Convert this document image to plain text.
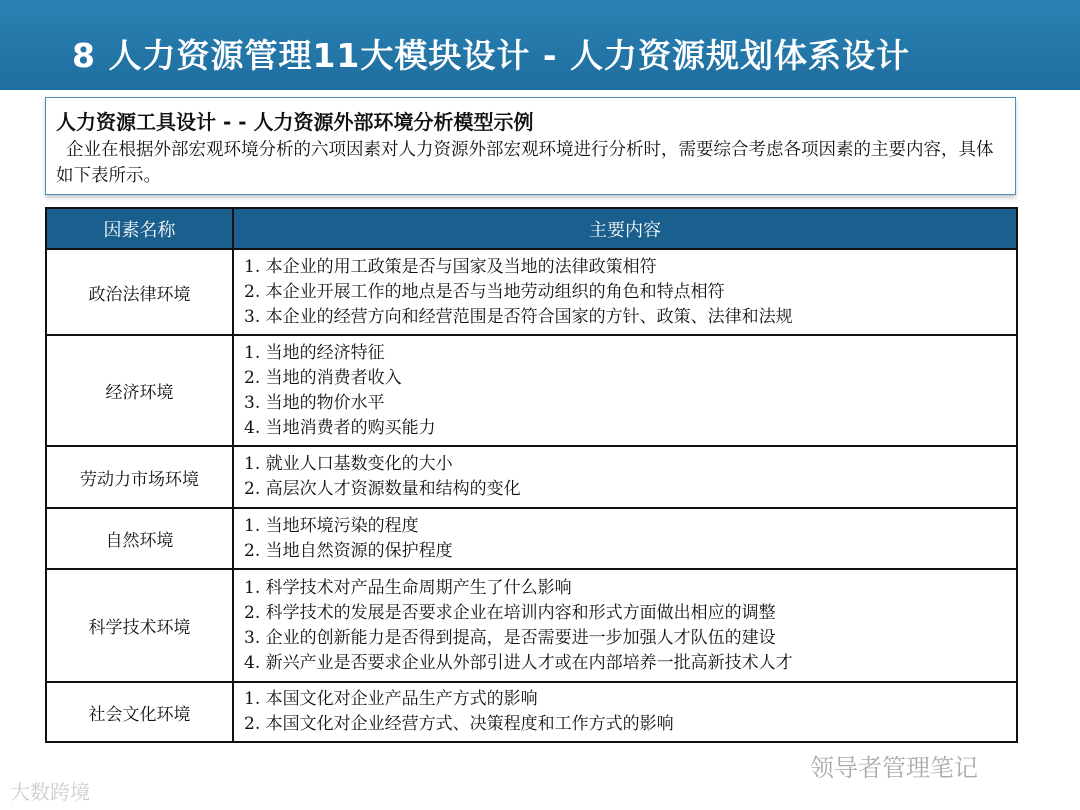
8 人力资源管理11大模块设计 - 人力资源规划体系设计
人力资源工具设计 - - 人力资源外部环境分析模型示例

企业在根据外部宏观环境分析的六项因素对人力资源外部宏观环境进行分析时，需要综合考虑各项因素的主要内容，具体如下表所示。

因素名称	主要内容
政治法律环境	1. 本企业的用工政策是否与国家及当地的法律政策相符
2. 本企业开展工作的地点是否与当地劳动组织的角色和特点相符
3. 本企业的经营方向和经营范围是否符合国家的方针、政策、法律和法规

经济环境	1. 当地的经济特征
2. 当地的消费者收入
3. 当地的物价水平
4. 当地消费者的购买能力

劳动力市场环境	1. 就业人口基数变化的大小
2. 高层次人才资源数量和结构的变化

自然环境	1. 当地环境污染的程度
2. 当地自然资源的保护程度

科学技术环境	1. 科学技术对产品生命周期产生了什么影响
2. 科学技术的发展是否要求企业在培训内容和形式方面做出相应的调整
3. 企业的创新能力是否得到提高，是否需要进一步加强人才队伍的建设
4. 新兴产业是否要求企业从外部引进人才或在内部培养一批高新技术人才

社会文化环境	1. 本国文化对企业产品生产方式的影响
2. 本国文化对企业经营方式、决策程度和工作方式的影响
领导者管理笔记
大数跨境
